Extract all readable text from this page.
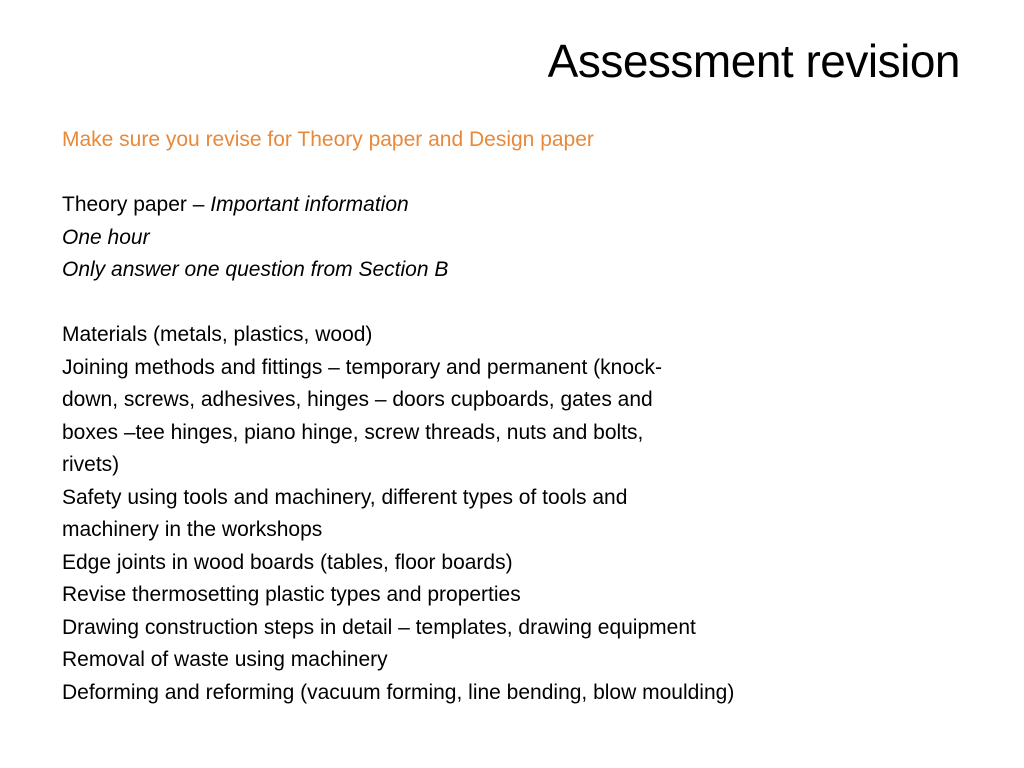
Assessment revision
Make sure you revise for Theory paper and Design paper
Theory paper – Important information
One hour
Only answer one question from Section B
Materials (metals, plastics, wood)
Joining methods and fittings – temporary and permanent (knock-
down, screws, adhesives, hinges – doors cupboards, gates and
boxes –tee hinges, piano hinge, screw threads, nuts and bolts,
rivets)
Safety using tools and machinery, different types of tools and
machinery in the workshops
Edge joints in wood boards (tables, floor boards)
Revise thermosetting plastic types and properties
Drawing construction steps in detail – templates, drawing equipment
Removal of waste using machinery
Deforming and reforming (vacuum forming, line bending, blow moulding)
